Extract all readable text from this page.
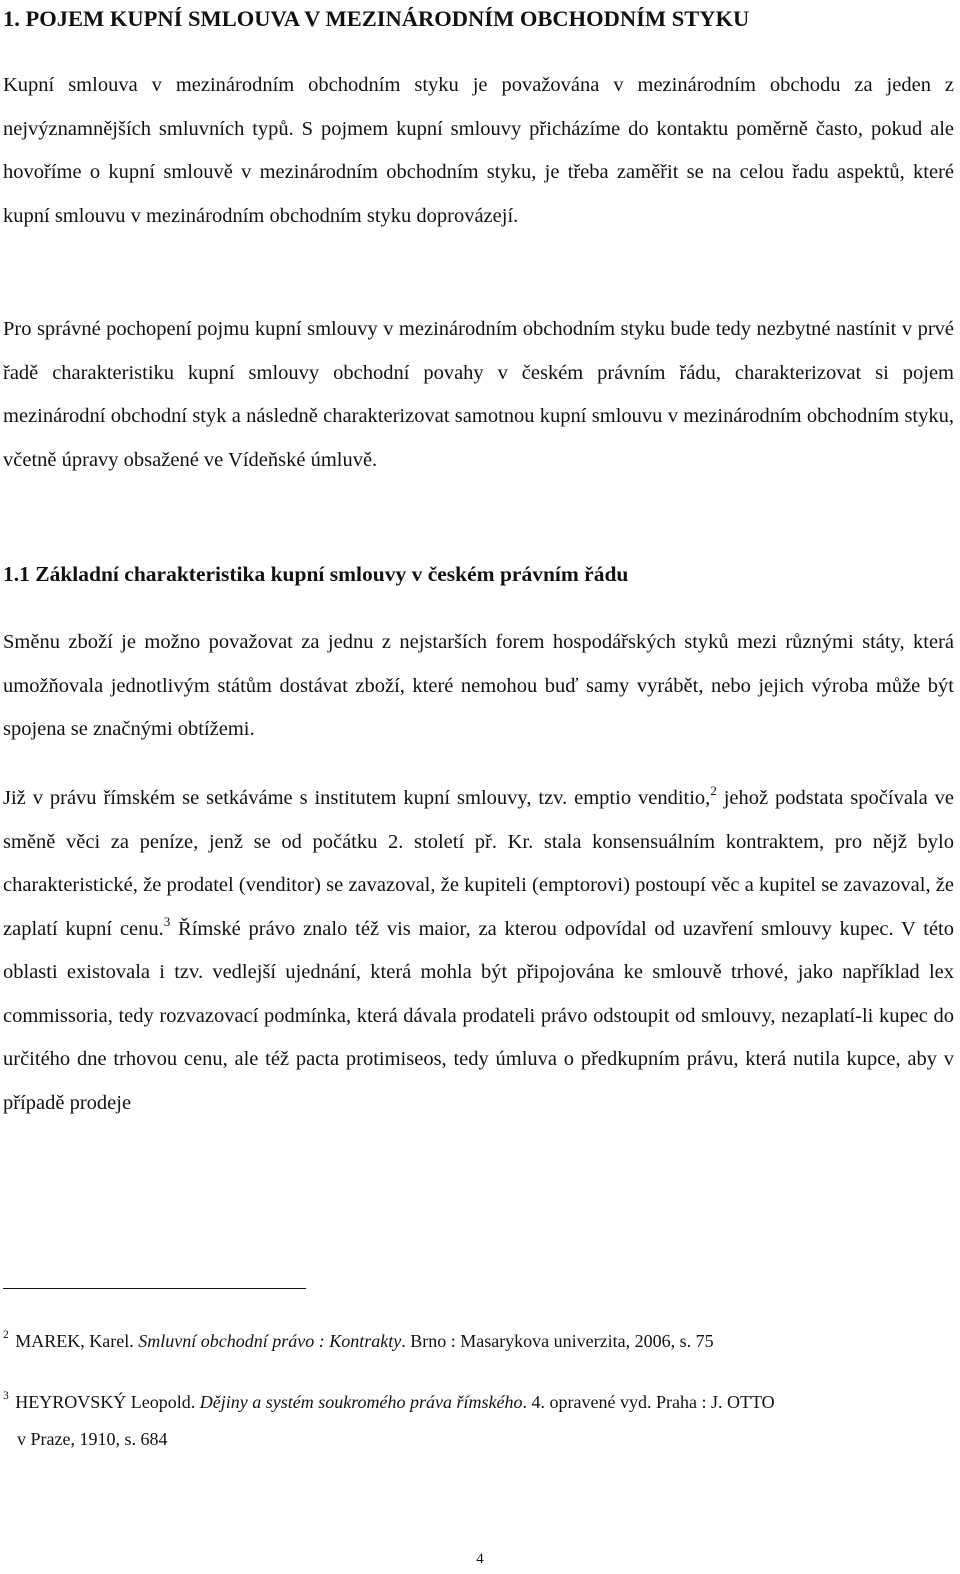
1. POJEM KUPNÍ SMLOUVA V MEZINÁRODNÍM OBCHODNÍM STYKU

Kupní smlouva v mezinárodním obchodním styku je považována v mezinárodním obchodu za jeden z nejvýznamnějších smluvních typů. S pojmem kupní smlouvy přicházíme do kontaktu poměrně často, pokud ale hovoříme o kupní smlouvě v mezinárodním obchodním styku, je třeba zaměřit se na celou řadu aspektů, které kupní smlouvu v mezinárodním obchodním styku doprovázejí.

Pro správné pochopení pojmu kupní smlouvy v mezinárodním obchodním styku bude tedy nezbytné nastínit v prvé řadě charakteristiku kupní smlouvy obchodní povahy v českém právním řádu, charakterizovat si pojem mezinárodní obchodní styk a následně charakterizovat samotnou kupní smlouvu v mezinárodním obchodním styku, včetně úpravy obsažené ve Vídeňské úmluvě.

1.1 Základní charakteristika kupní smlouvy v českém právním řádu

Směnu zboží je možno považovat za jednu z nejstarších forem hospodářských styků mezi různými státy, která umožňovala jednotlivým státům dostávat zboží, které nemohou buď samy vyrábět, nebo jejich výroba může být spojena se značnými obtížemi.

Již v právu římském se setkáváme s institutem kupní smlouvy, tzv. emptio venditio,$^2$ jehož podstata spočívala ve směně věci za peníze, jenž se od počátku 2. století př. Kr. stala konsensuálním kontraktem, pro nějž bylo charakteristické, že prodatel (venditor) se zavazoval, že kupiteli (emptorovi) postoupí věc a kupitel se zavazoval, že zaplatí kupní cenu.$^3$ Římské právo znalo též vis maior, za kterou odpovídal od uzavření smlouvy kupec. V této oblasti existovala i tzv. vedlejší ujednání, která mohla být připojována ke smlouvě trhové, jako například lex commissoria, tedy rozvazovací podmínka, která dávala prodateli právo odstoupit od smlouvy, nezaplatí-li kupec do určitého dne trhovou cenu, ale též pacta protimiseos, tedy úmluva o předkupním právu, která nutila kupce, aby v případě prodeje

$^2$ MAREK, Karel. Smluvní obchodní právo : Kontrakty. Brno : Masarykova univerzita, 2006, s. 75

$^3$ HEYROVSKÝ Leopold. Dějiny a systém soukromého práva římského. 4. opravené vyd. Praha : J. OTTO
v Praze, 1910, s. 684

4
